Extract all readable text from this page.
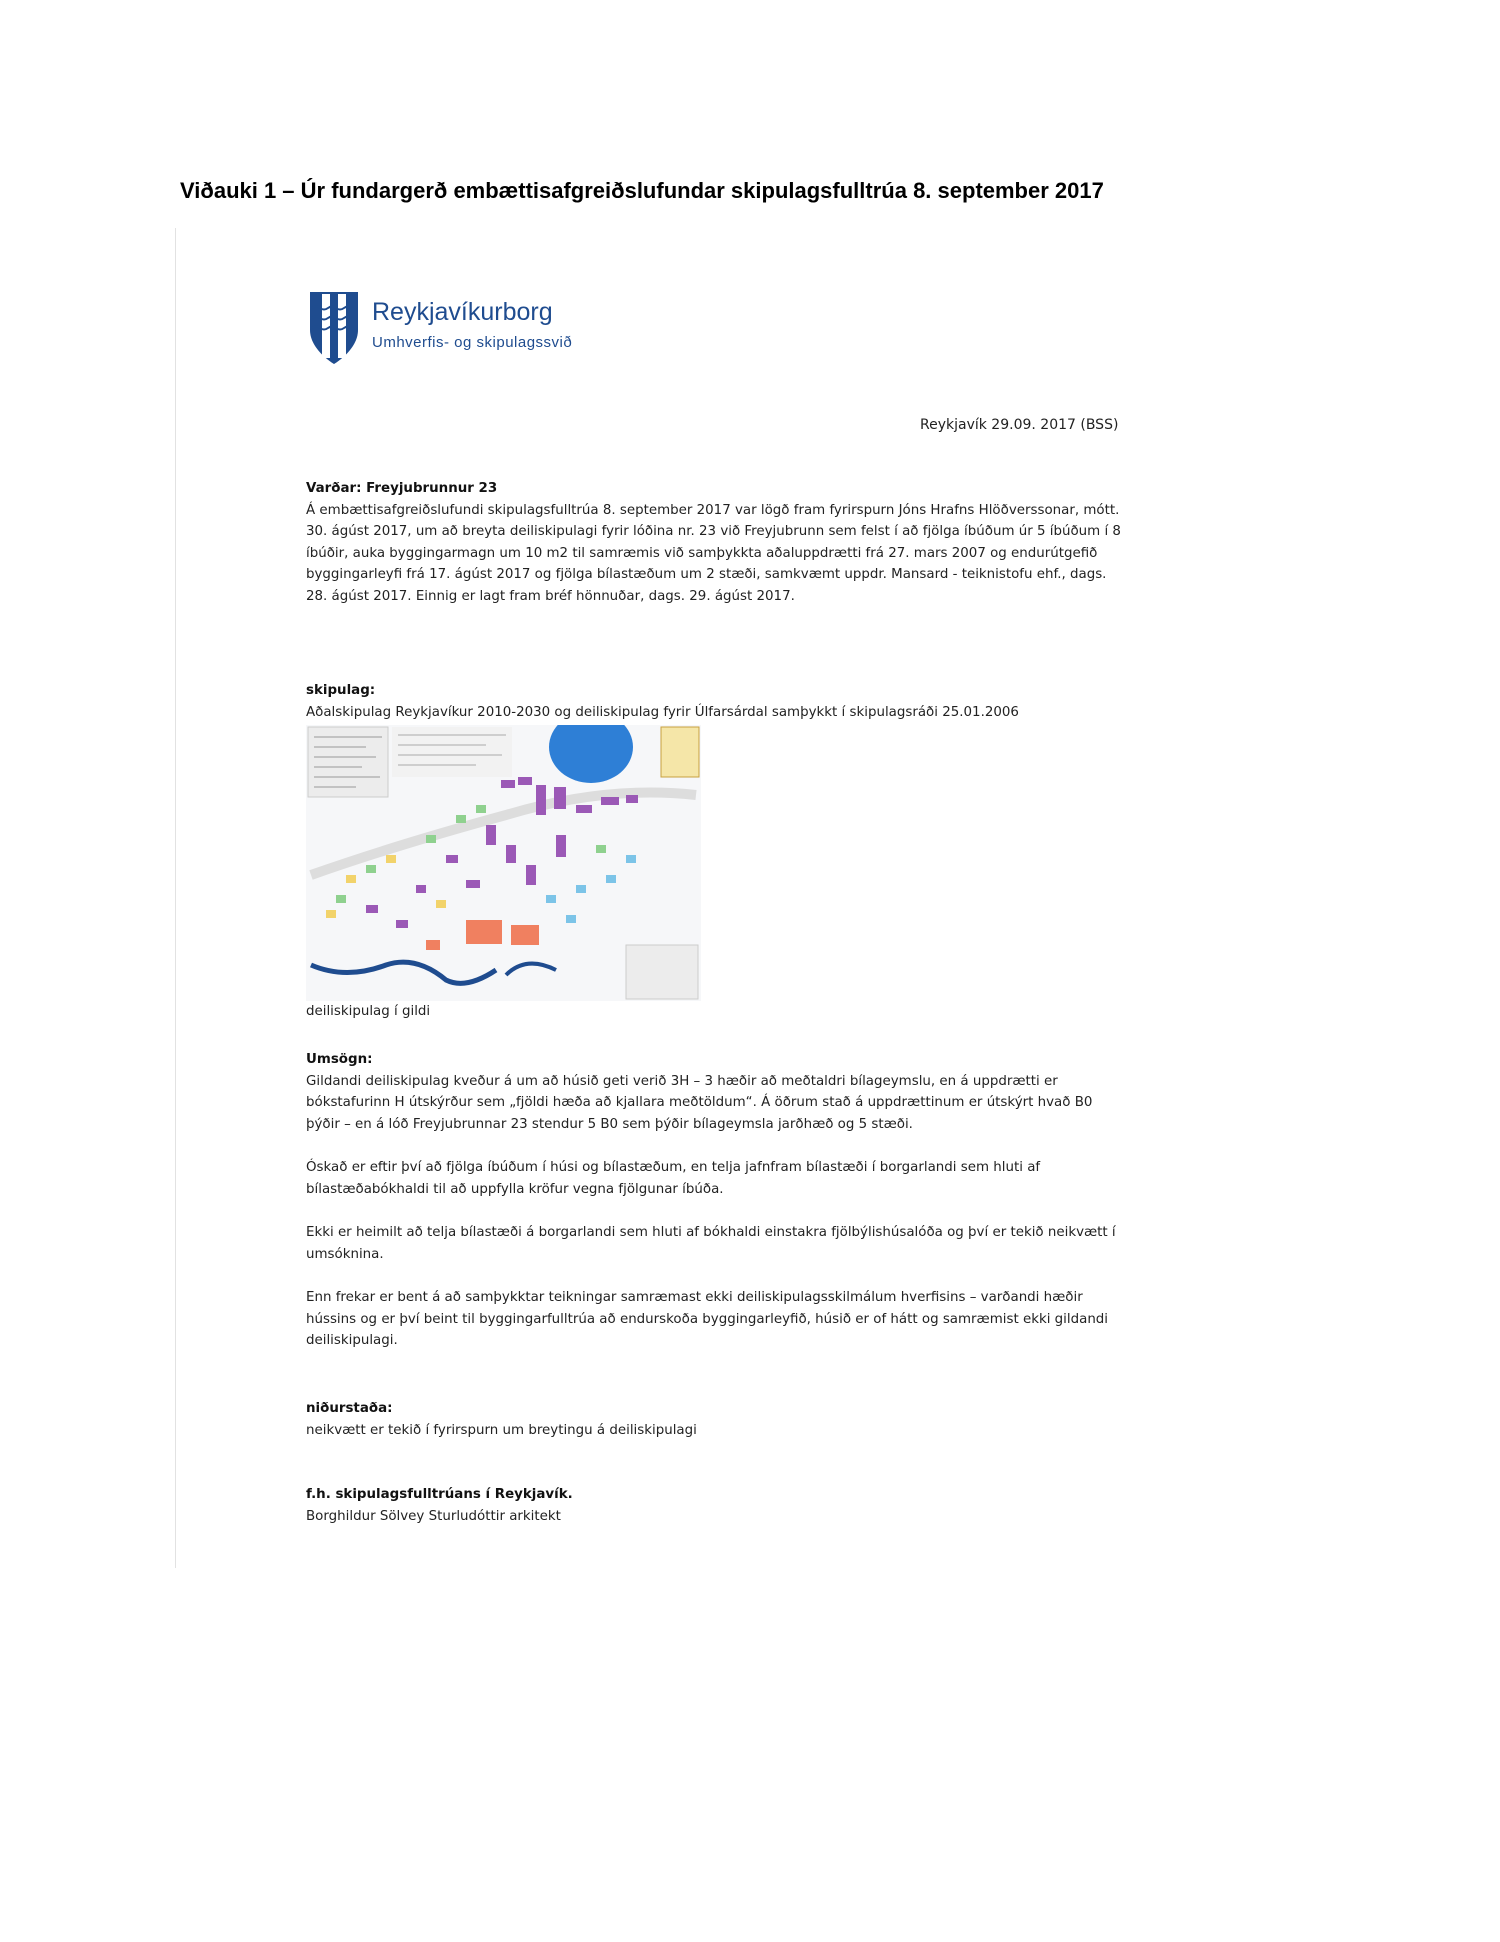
Viðauki 1 – Úr fundargerð embættisafgreiðslufundar skipulagsfulltrúa 8. september 2017
Reykjavíkurborg
Umhverfis- og skipulagssvið
Reykjavík 29.09. 2017 (BSS)

Varðar: Freyjubrunnur 23

Á embættisafgreiðslufundi skipulagsfulltrúa 8. september 2017 var lögð fram fyrirspurn Jóns Hrafns Hlöðverssonar, mótt. 30. ágúst 2017, um að breyta deiliskipulagi fyrir lóðina nr. 23 við Freyjubrunn sem felst í að fjölga íbúðum úr 5 íbúðum í 8 íbúðir, auka byggingarmagn um 10 m2 til samræmis við samþykkta aðaluppdrætti frá 27. mars 2007 og endurútgefið byggingarleyfi frá 17. ágúst 2017 og fjölga bílastæðum um 2 stæði, samkvæmt uppdr. Mansard - teiknistofu ehf., dags. 28. ágúst 2017. Einnig er lagt fram bréf hönnuðar, dags. 29. ágúst 2017.

skipulag:

Aðalskipulag Reykjavíkur 2010-2030 og deiliskipulag fyrir Úlfarsárdal samþykkt í skipulagsráði 25.01.2006

deiliskipulag í gildi

Umsögn:

Gildandi deiliskipulag kveður á um að húsið geti verið 3H – 3 hæðir að meðtaldri bílageymslu, en á uppdrætti er bókstafurinn H útskýrður sem „fjöldi hæða að kjallara meðtöldum“. Á öðrum stað á uppdrættinum er útskýrt hvað B0 þýðir – en á lóð Freyjubrunnar 23 stendur 5 B0 sem þýðir bílageymsla jarðhæð og 5 stæði.

Óskað er eftir því að fjölga íbúðum í húsi og bílastæðum, en telja jafnfram bílastæði í borgarlandi sem hluti af bílastæðabókhaldi til að uppfylla kröfur vegna fjölgunar íbúða.

Ekki er heimilt að telja bílastæði á borgarlandi sem hluti af bókhaldi einstakra fjölbýlishúsalóða og því er tekið neikvætt í umsóknina.

Enn frekar er bent á að samþykktar teikningar samræmast ekki deiliskipulagsskilmálum hverfisins – varðandi hæðir hússins og er því beint til byggingarfulltrúa að endurskoða byggingarleyfið, húsið er of hátt og samræmist ekki gildandi deiliskipulagi.

niðurstaða:

neikvætt er tekið í fyrirspurn um breytingu á deiliskipulagi

f.h. skipulagsfulltrúans í Reykjavík.

Borghildur Sölvey Sturludóttir arkitekt
